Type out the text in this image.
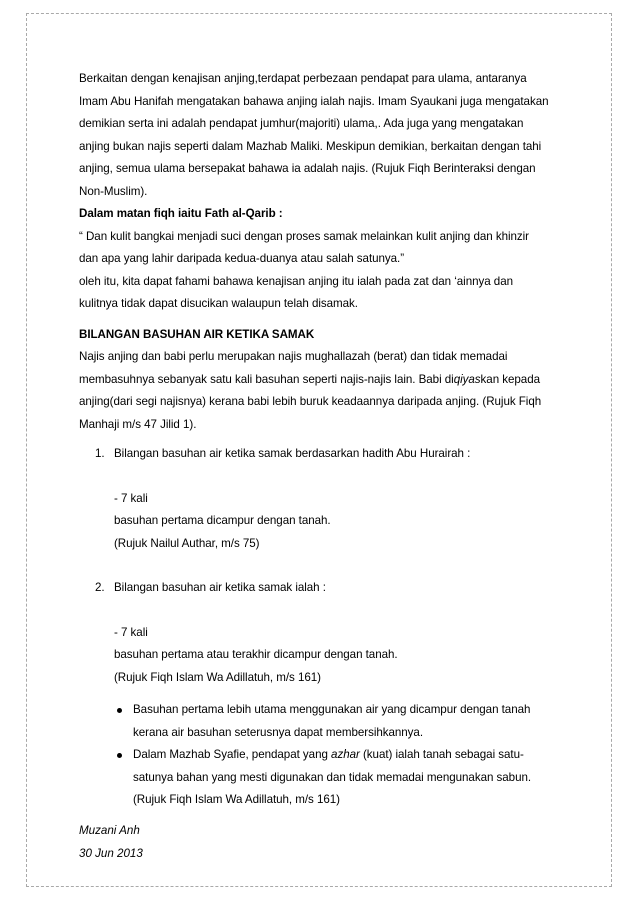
Berkaitan dengan kenajisan anjing,terdapat perbezaan pendapat para ulama, antaranya
Imam Abu Hanifah mengatakan bahawa anjing ialah najis. Imam Syaukani juga mengatakan
demikian serta ini adalah pendapat jumhur(majoriti) ulama,. Ada juga yang mengatakan
anjing bukan najis seperti dalam Mazhab Maliki. Meskipun demikian, berkaitan dengan tahi
anjing, semua ulama bersepakat bahawa ia adalah najis. (Rujuk Fiqh Berinteraksi dengan
Non-Muslim).

Dalam matan fiqh iaitu Fath al-Qarib :

“ Dan kulit bangkai menjadi suci dengan proses samak melainkan kulit anjing dan khinzir
dan apa yang lahir daripada kedua-duanya atau salah satunya.”
oleh itu, kita dapat fahami bahawa kenajisan anjing itu ialah pada zat dan ‘ainnya dan
kulitnya tidak dapat disucikan walaupun telah disamak.

BILANGAN BASUHAN AIR KETIKA SAMAK

Najis anjing dan babi perlu merupakan najis mughallazah (berat) dan tidak memadai
membasuhnya sebanyak satu kali basuhan seperti najis-najis lain. Babi diqiyaskan kepada
anjing(dari segi najisnya) kerana babi lebih buruk keadaannya daripada anjing. (Rujuk Fiqh
Manhaji m/s 47 Jilid 1).

1. Bilangan basuhan air ketika samak berdasarkan hadith Abu Hurairah :
- 7 kali
basuhan pertama dicampur dengan tanah.
(Rujuk Nailul Authar, m/s 75)
2. Bilangan basuhan air ketika samak ialah :
- 7 kali
basuhan pertama atau terakhir dicampur dengan tanah.
(Rujuk Fiqh Islam Wa Adillatuh, m/s 161)
Basuhan pertama lebih utama menggunakan air yang dicampur dengan tanah
kerana air basuhan seterusnya dapat membersihkannya.
Dalam Mazhab Syafie, pendapat yang azhar (kuat) ialah tanah sebagai satu-
satunya bahan yang mesti digunakan dan tidak memadai mengunakan sabun.
(Rujuk Fiqh Islam Wa Adillatuh, m/s 161)
Muzani Anh
30 Jun 2013
